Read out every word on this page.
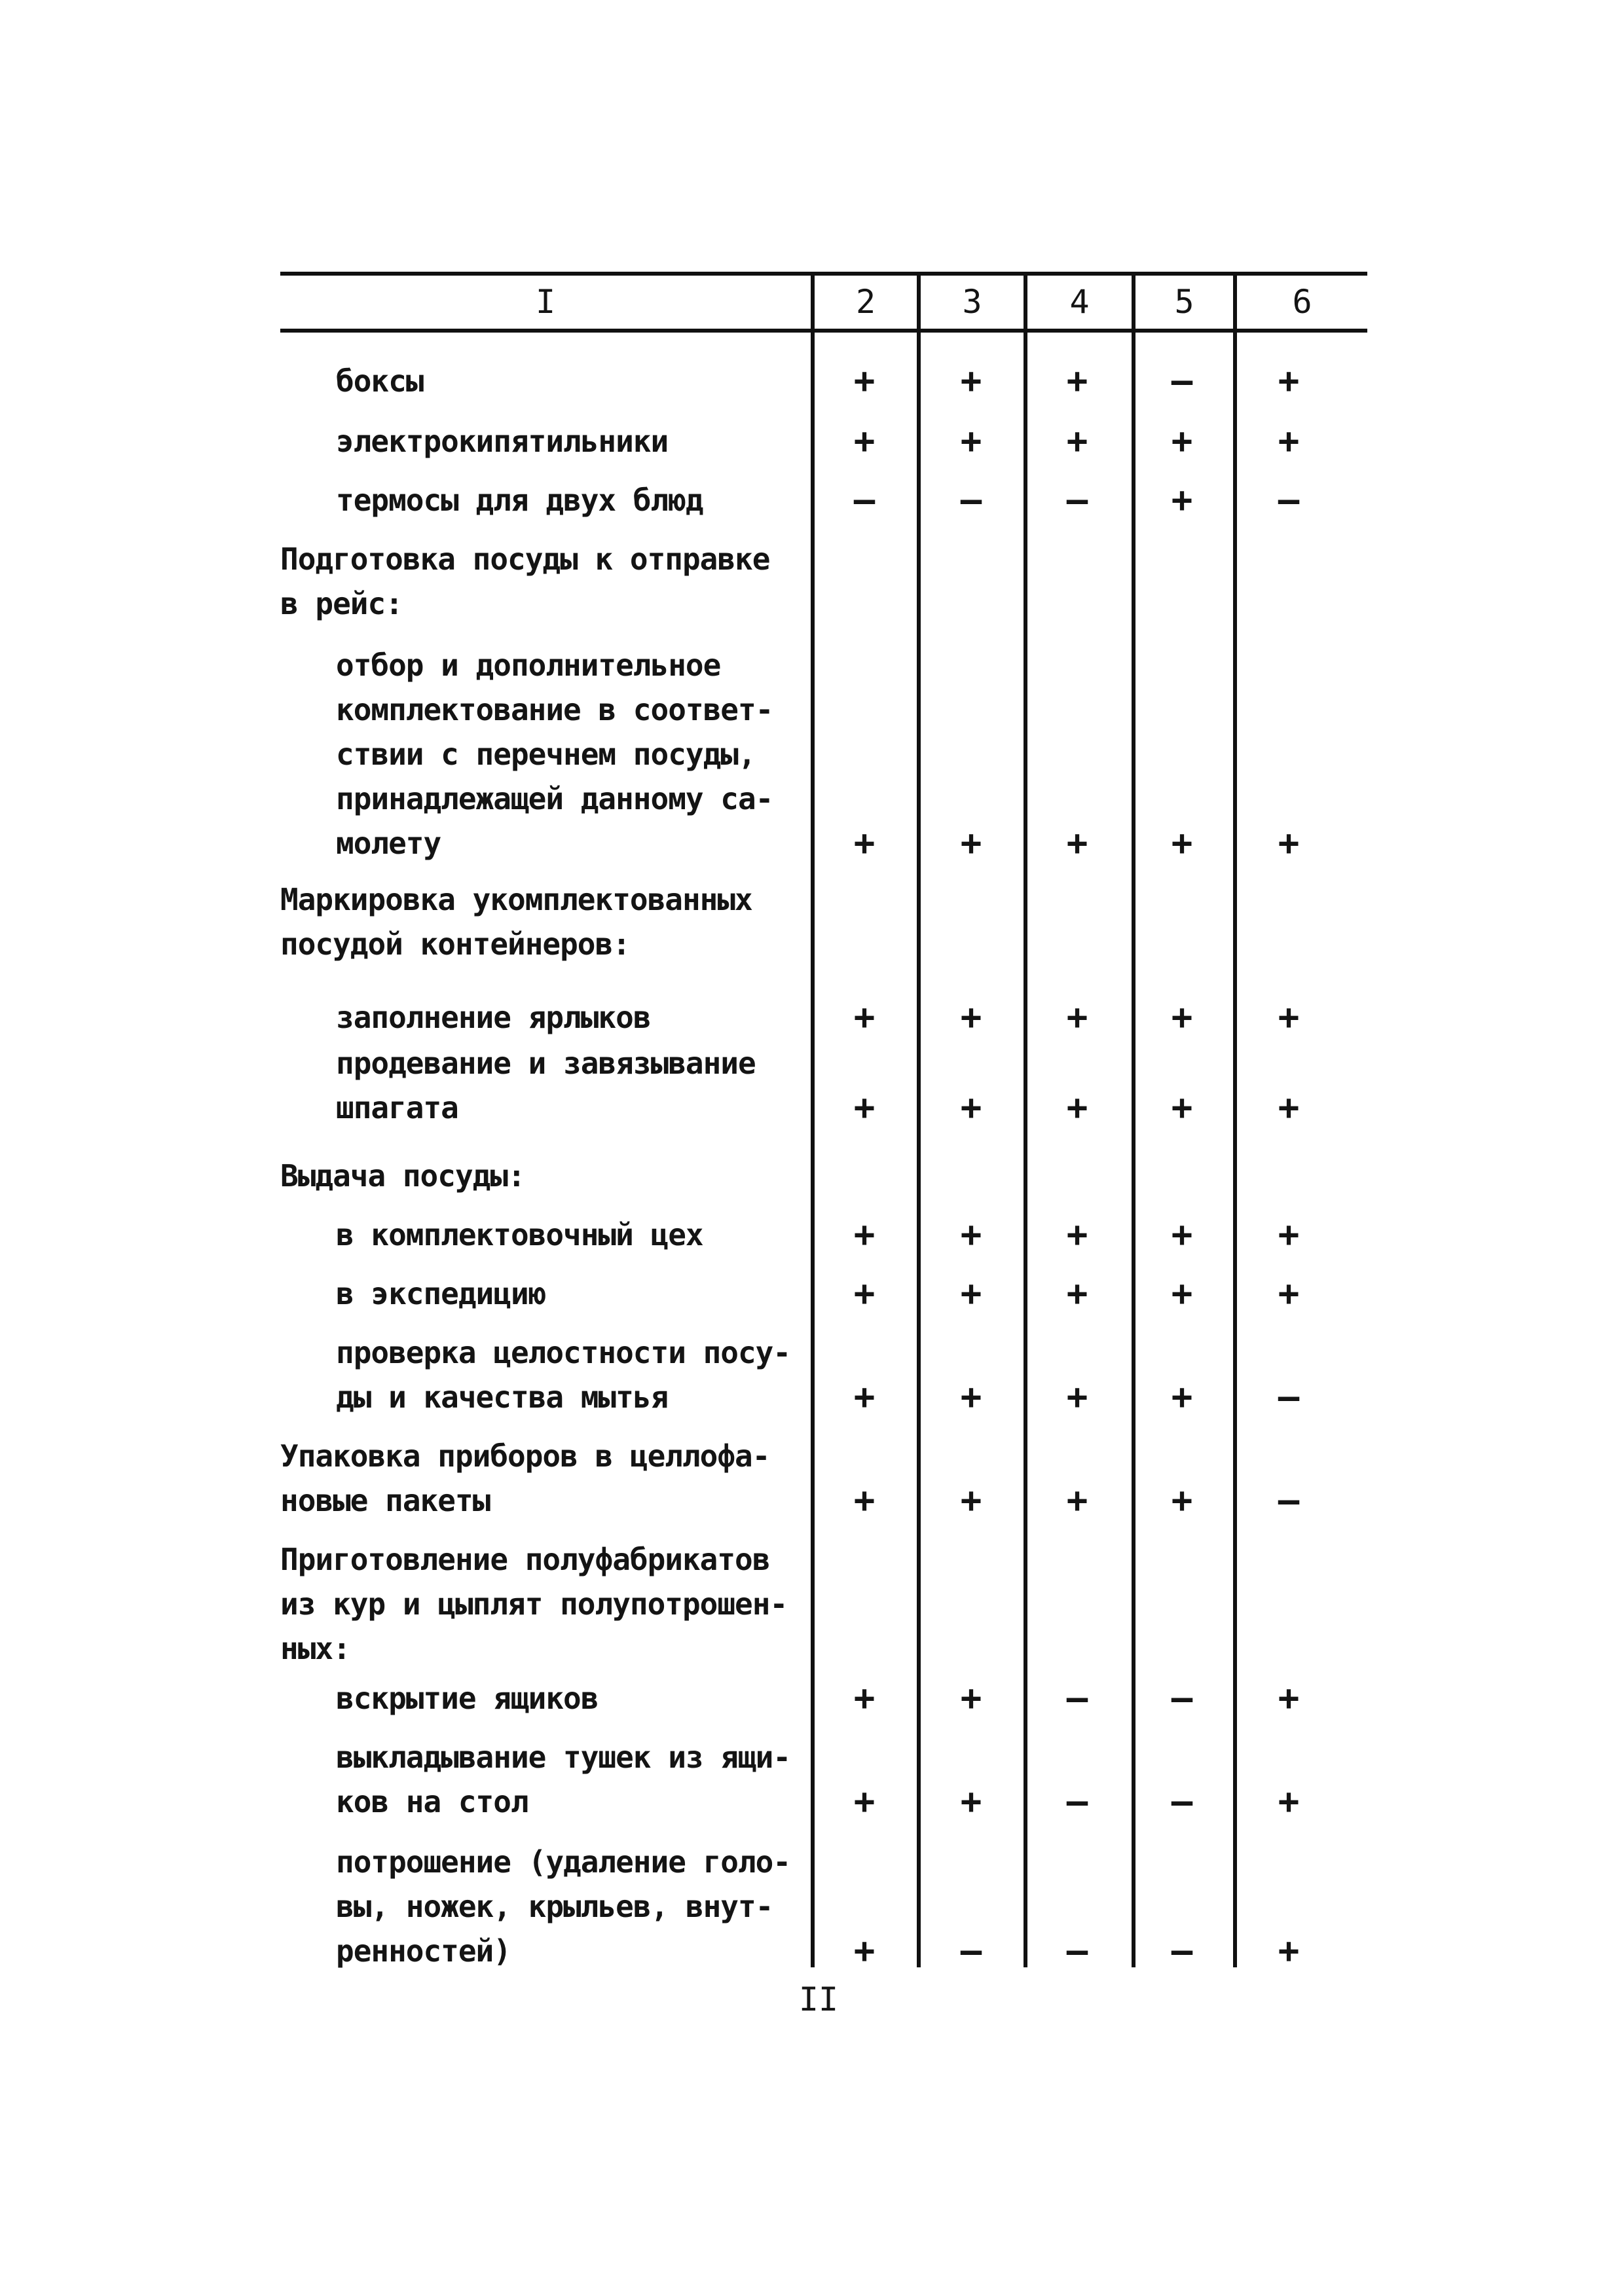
I	2	3	4	5	6
боксы	+	+	+	–	+
электрокипятильники	+	+	+	+	+
термосы для двух блюд	–	–	–	+	–
Подготовка посуды к отправке
в рейс:
отбор и дополнительное
комплектование в соответ-
ствии с перечнем посуды,
принадлежащей данному са-
молету	+	+	+	+	+
Маркировка укомплектованных
посудой контейнеров:
заполнение ярлыков	+	+	+	+	+
продевание и завязывание
шпагата	+	+	+	+	+
Выдача посуды:
в комплектовочный цех	+	+	+	+	+
в экспедицию	+	+	+	+	+
проверка целостности посу-
ды и качества мытья	+	+	+	+	–
Упаковка приборов в целлофа-
новые пакеты	+	+	+	+	–
Приготовление полуфабрикатов
из кур и цыплят полупотрошен-
ных:
вскрытие ящиков	+	+	–	–	+
выкладывание тушек из ящи-
ков на стол	+	+	–	–	+
потрошение (удаление голо-
вы, ножек, крыльев, внут-
ренностей)	+	–	–	–	+
II
